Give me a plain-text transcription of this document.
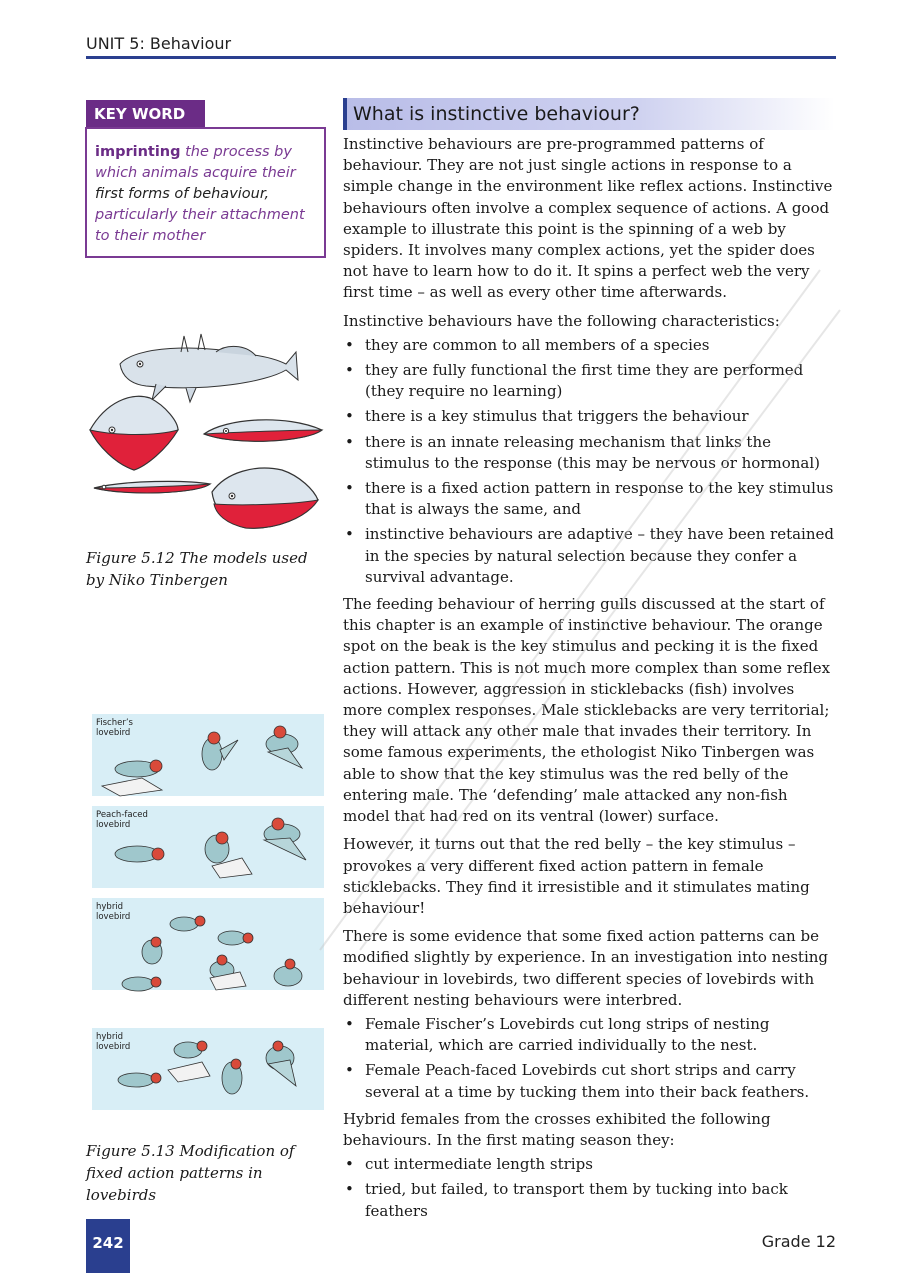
UNIT 5: Behaviour
KEY WORD
imprinting the process by which animals acquire their first forms of behaviour, particularly their attachment to their mother
What is instinctive behaviour?

Instinctive behaviours are pre-programmed patterns of behaviour. They are not just single actions in response to a simple change in the environment like reflex actions. Instinctive behaviours often involve a complex sequence of actions. A good example to illustrate this point is the spinning of a web by spiders. It involves many complex actions, yet the spider does not have to learn how to do it. It spins a perfect web the very first time – as well as every other time afterwards.

Instinctive behaviours have the following characteristics:

• they are common to all members of a species
• they are fully functional the first time they are performed (they require no learning)
• there is a key stimulus that triggers the behaviour
• there is an innate releasing mechanism that links the stimulus to the response (this may be nervous or hormonal)
• there is a fixed action pattern in response to the key stimulus that is always the same, and
• instinctive behaviours are adaptive – they have been retained in the species by natural selection because they confer a survival advantage.

The feeding behaviour of herring gulls discussed at the start of this chapter is an example of instinctive behaviour. The orange spot on the beak is the key stimulus and pecking it is the fixed action pattern. This is not much more complex than some reflex actions. However, aggression in sticklebacks (fish) involves more complex responses. Male sticklebacks are very territorial; they will attack any other male that invades their territory. In some famous experiments, the ethologist Niko Tinbergen was able to show that the key stimulus was the red belly of the entering male. The ‘defending’ male attacked any non-fish model that had red on its ventral (lower) surface.

However, it turns out that the red belly – the key stimulus – provokes a very different fixed action pattern in female sticklebacks. They find it irresistible and it stimulates mating behaviour!

There is some evidence that some fixed action patterns can be modified slightly by experience. In an investigation into nesting behaviour in lovebirds, two different species of lovebirds with different nesting behaviours were interbred.

• Female Fischer’s Lovebirds cut long strips of nesting material, which are carried individually to the nest.
• Female Peach-faced Lovebirds cut short strips and carry several at a time by tucking them into their back feathers.

Hybrid females from the crosses exhibited the following behaviours. In the first mating season they:

• cut intermediate length strips
• tried, but failed, to transport them by tucking into back feathers
Figure 5.12 The models used by Niko Tinbergen
Fischer’s lovebird
Peach-faced lovebird
hybrid lovebird
hybrid lovebird
Figure 5.13 Modification of fixed action patterns in lovebirds
242	Grade 12
